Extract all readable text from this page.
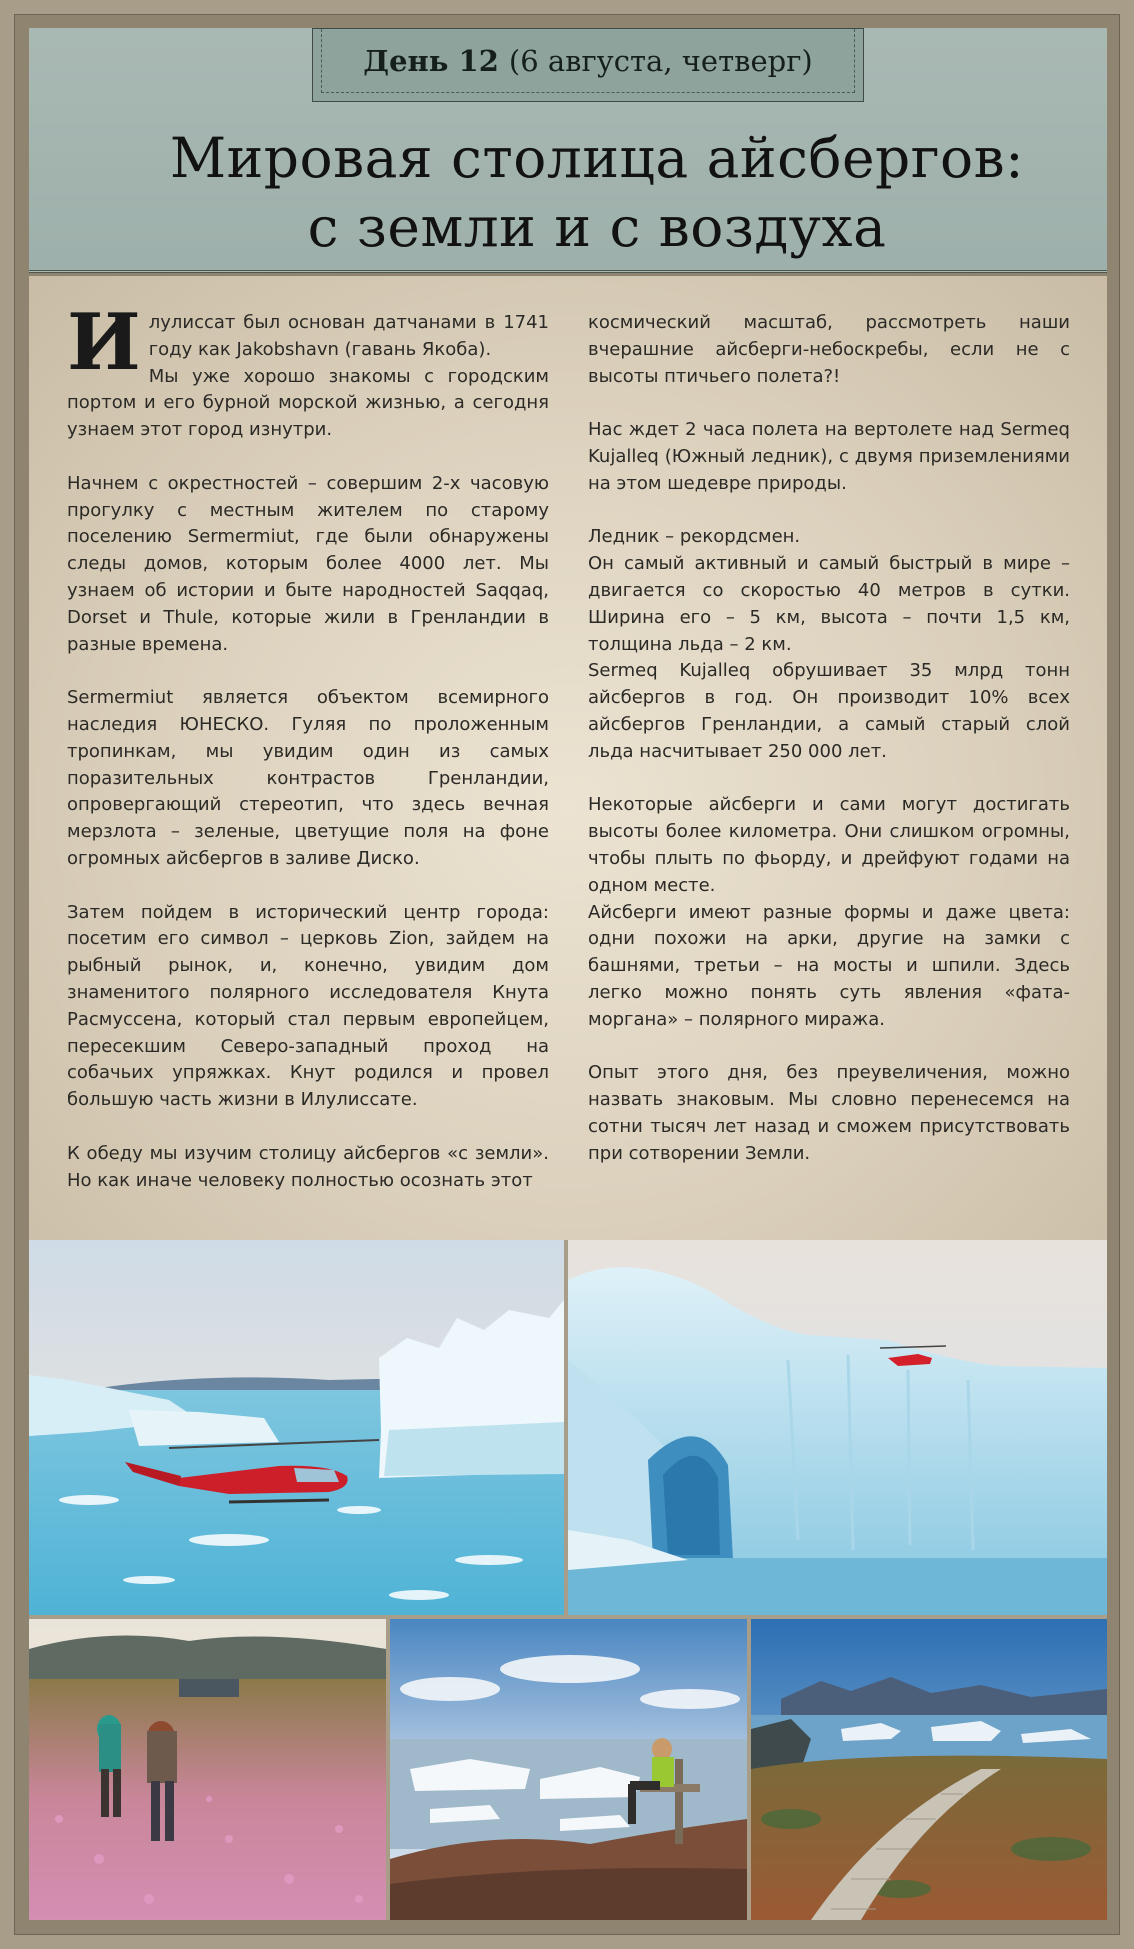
День 12 (6 августа, четверг)
Мировая столица айсбергов:
с земли и с воздуха

Илулиссат был основан датчанами в 1741 году как Jakobshavn (гавань Якоба).

Мы уже хорошо знакомы с городским портом и его бурной морской жизнью, а сегодня узнаем этот город изнутри.

Начнем с окрестностей – совершим 2-х часовую прогулку с местным жителем по старому поселению Sermermiut, где были обнаружены следы домов, которым более 4000 лет. Мы узнаем об истории и быте народностей Saqqaq, Dorset и Thule, которые жили в Гренландии в разные времена.

Sermermiut является объектом всемирного наследия ЮНЕСКО. Гуляя по проложенным тропинкам, мы увидим один из самых поразительных контрастов Гренландии, опровергающий стереотип, что здесь вечная мерзлота – зеленые, цветущие поля на фоне огромных айсбергов в заливе Диско.

Затем пойдем в исторический центр города: посетим его символ – церковь Zion, зайдем на рыбный рынок, и, конечно, увидим дом знаменитого полярного исследователя Кнута Расмуссена, который стал первым европейцем, пересекшим Северо-западный проход на собачьих упряжках. Кнут родился и провел большую часть жизни в Илулиссате.

К обеду мы изучим столицу айсбергов «с земли». Но как иначе человеку полностью осознать этот

космический масштаб, рассмотреть наши вчерашние айсберги-небоскребы, если не с высоты птичьего полета?!

Нас ждет 2 часа полета на вертолете над Sermeq Kujalleq (Южный ледник), с двумя приземлениями на этом шедевре природы.

Ледник – рекордсмен.

Он самый активный и самый быстрый в мире – двигается со скоростью 40 метров в сутки. Ширина его – 5 км, высота – почти 1,5 км, толщина льда – 2 км.

Sermeq Kujalleq обрушивает 35 млрд тонн айсбергов в год. Он производит 10% всех айсбергов Гренландии, а самый старый слой льда насчитывает 250 000 лет.

Некоторые айсберги и сами могут достигать высоты более километра. Они слишком огромны, чтобы плыть по фьорду, и дрейфуют годами на одном месте.

Айсберги имеют разные формы и даже цвета: одни похожи на арки, другие на замки с башнями, третьи – на мосты и шпили. Здесь легко можно понять суть явления «фата-моргана» – полярного миража.

Опыт этого дня, без преувеличения, можно назвать знаковым. Мы словно перенесемся на сотни тысяч лет назад и сможем присутствовать при сотворении Земли.
